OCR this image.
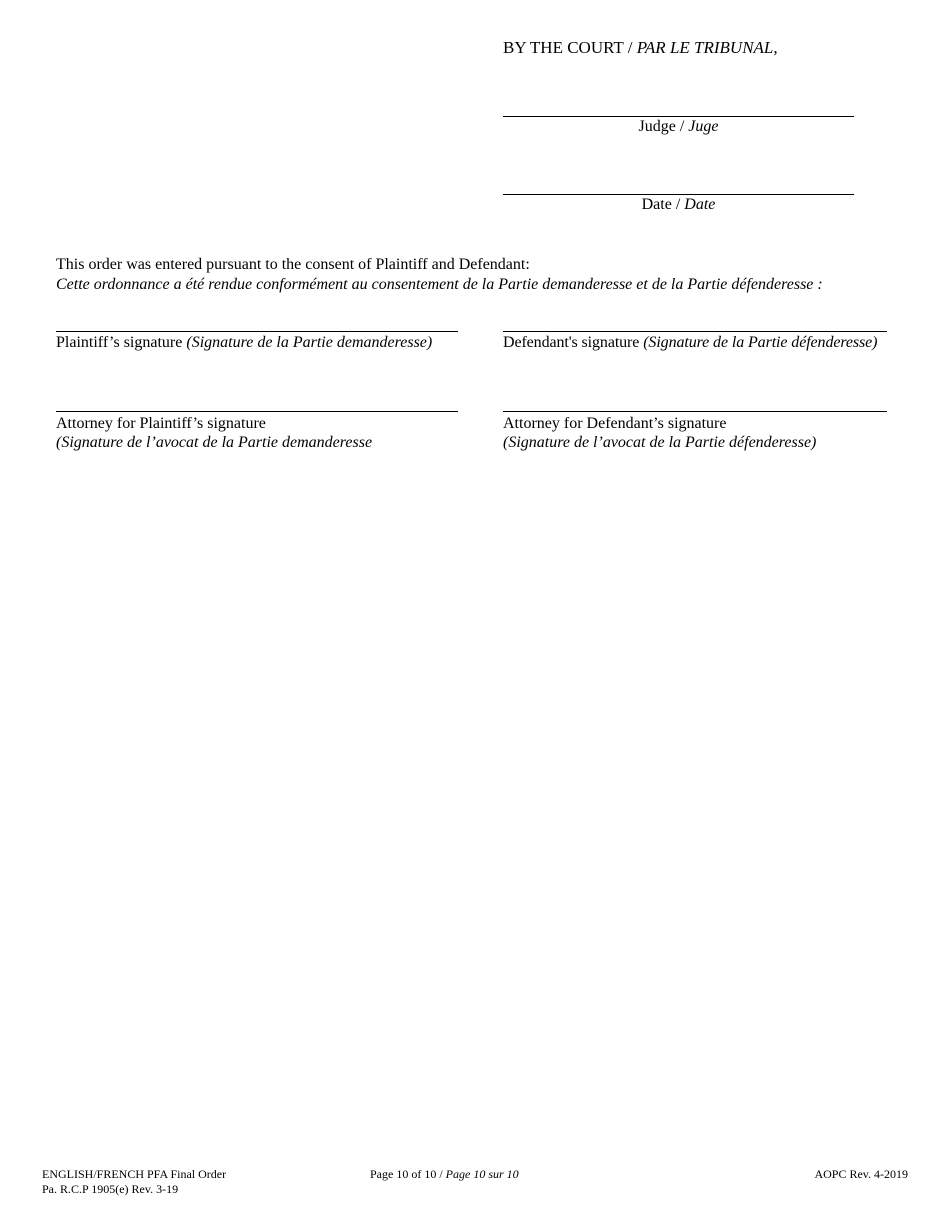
BY THE COURT / PAR LE TRIBUNAL,
Judge / Juge
Date / Date
This order was entered pursuant to the consent of Plaintiff and Defendant:
Cette ordonnance a été rendue conformément au consentement de la Partie demanderesse et de la Partie défenderesse :
Plaintiff’s signature (Signature de la Partie demanderesse)	Defendant's signature (Signature de la Partie défenderesse)
Attorney for Plaintiff’s signature
(Signature de l’avocat de la Partie demanderesse
Attorney for Defendant’s signature
(Signature de l’avocat de la Partie défenderesse)
ENGLISH/FRENCH PFA Final Order
Pa. R.C.P 1905(e) Rev. 3-19
Page 10 of 10 / Page 10 sur 10	AOPC Rev. 4-2019
